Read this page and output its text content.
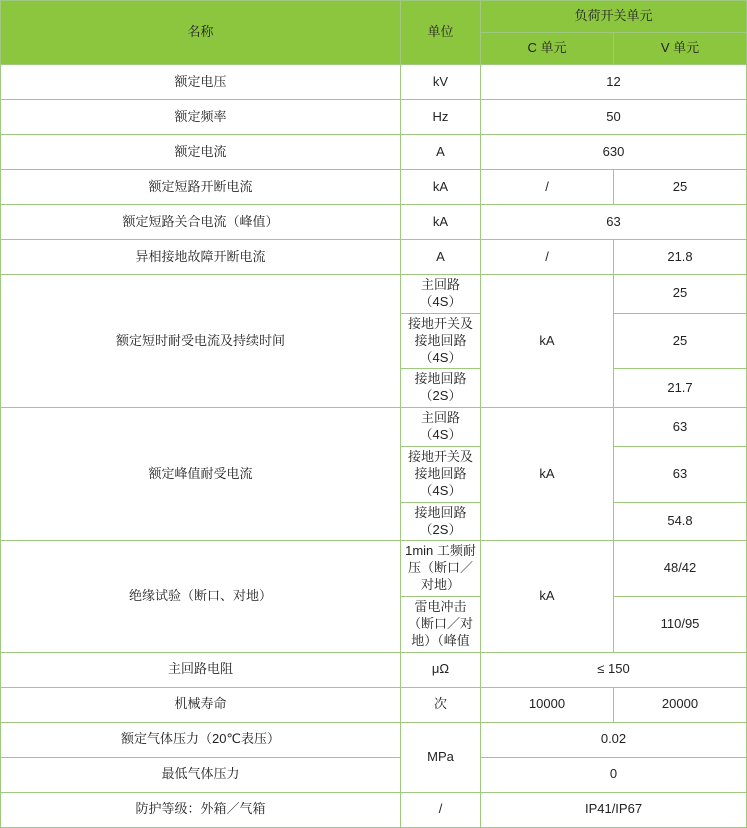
名称	单位	负荷开关单元	
		C 单元	V 单元
额定电压	kV	12	
额定频率	Hz	50	
额定电流	A	630	
额定短路开断电流	kA	/	25
额定短路关合电流（峰值）	kA	63	
异相接地故障开断电流	A	/	21.8
额定短时耐受电流及持续时间	主回路（4S）	kA	25
	接地开关及接地回路（4S）		25
	接地回路（2S）		21.7
额定峰值耐受电流	主回路（4S）	kA	63
	接地开关及接地回路（4S）		63
	接地回路（2S）		54.8
绝缘试验（断口、对地）	1min 工频耐压（断口／对地）	kA	48/42
	雷电冲击（断口／对地）（峰值		110/95
主回路电阻	μΩ	≤ 150	
机械寿命	次	10000	20000
额定气体压力（20℃表压）	MPa	0.02	
最低气体压力		0	
防护等级：外箱／气箱	/	IP41/IP67	
